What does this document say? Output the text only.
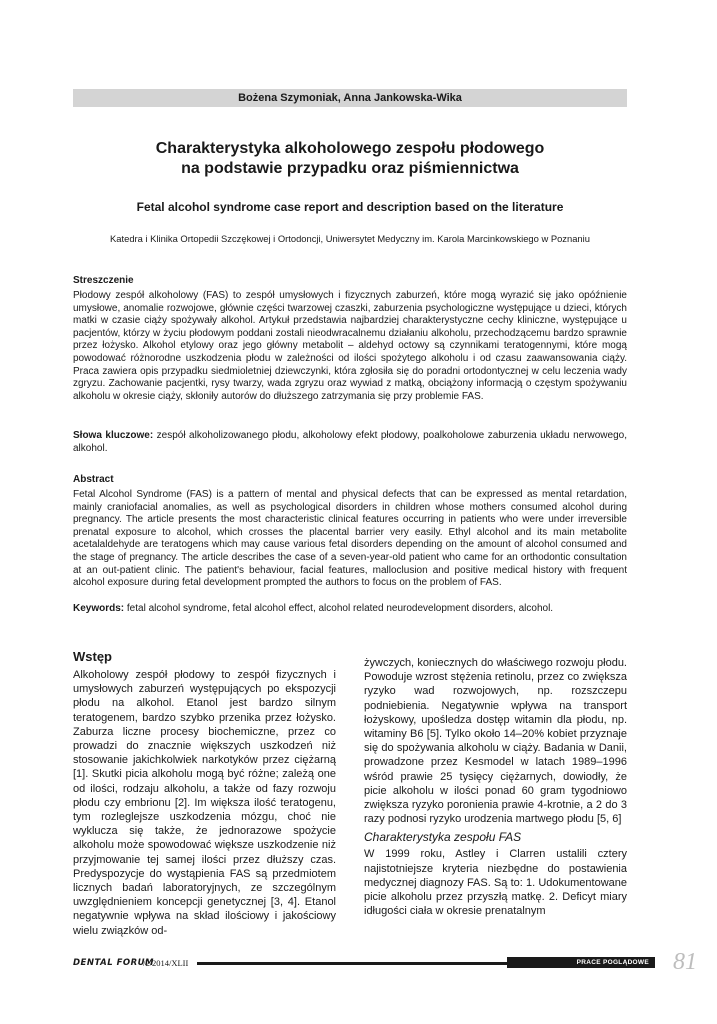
Bożena Szymoniak, Anna Jankowska-Wika
Charakterystyka alkoholowego zespołu płodowego
na podstawie przypadku oraz piśmiennictwa
Fetal alcohol syndrome case report and description based on the literature
Katedra i Klinika Ortopedii Szczękowej i Ortodoncji, Uniwersytet Medyczny im. Karola Marcinkowskiego w Poznaniu
Streszczenie

Płodowy zespół alkoholowy (FAS) to zespół umysłowych i fizycznych zaburzeń, które mogą wyrazić się jako opóźnienie umysłowe, anomalie rozwojowe, głównie części twarzowej czaszki, zaburzenia psychologiczne występujące u dzieci, których matki w czasie ciąży spożywały alkohol. Artykuł przedstawia najbardziej charakterystyczne cechy kliniczne, występujące u pacjentów, którzy w życiu płodowym poddani zostali nieodwracalnemu działaniu alkoholu, przechodzącemu bardzo sprawnie przez łożysko. Alkohol etylowy oraz jego główny metabolit – aldehyd octowy są czynnikami teratogennymi, które mogą powodować różnorodne uszkodzenia płodu w zależności od ilości spożytego alkoholu i od czasu zaawansowania ciąży. Praca zawiera opis przypadku siedmioletniej dziewczynki, która zgłosiła się do poradni ortodontycznej w celu leczenia wady zgryzu. Zachowanie pacjentki, rysy twarzy, wada zgryzu oraz wywiad z matką, obciążony informacją o częstym spożywaniu alkoholu w okresie ciąży, skłoniły autorów do dłuższego zatrzymania się przy problemie FAS.

Słowa kluczowe: zespół alkoholizowanego płodu, alkoholowy efekt płodowy, poalkoholowe zaburzenia układu nerwowego, alkohol.
Abstract

Fetal Alcohol Syndrome (FAS) is a pattern of mental and physical defects that can be expressed as mental retardation, mainly craniofacial anomalies, as well as psychological disorders in children whose mothers consumed alcohol during pregnancy. The article presents the most characteristic clinical features occurring in patients who were under irreversible prenatal exposure to alcohol, which crosses the placental barrier very easily. Ethyl alcohol and its main metabolite acetalaldehyde are teratogens which may cause various fetal disorders depending on the amount of alcohol consumed and the stage of pregnancy. The article describes the case of a seven-year-old patient who came for an orthodontic consultation at an out-patient clinic. The patient's behaviour, facial features, malloclusion and positive medical history with frequent alcohol exposure during fetal development prompted the authors to focus on the problem of FAS.

Keywords: fetal alcohol syndrome, fetal alcohol effect, alcohol related neurodevelopment disorders, alcohol.
Wstęp

Alkoholowy zespół płodowy to zespół fizycznych i umysłowych zaburzeń występujących po ekspozycji płodu na alkohol. Etanol jest bardzo silnym teratogenem, bardzo szybko przenika przez łożysko. Zaburza liczne procesy biochemiczne, przez co prowadzi do znacznie większych uszkodzeń niż stosowanie jakichkolwiek narkotyków przez ciężarną [1]. Skutki picia alkoholu mogą być różne; zależą one od ilości, rodzaju alkoholu, a także od fazy rozwoju płodu czy embrionu [2]. Im większa ilość teratogenu, tym rozleglejsze uszkodzenia mózgu, choć nie wyklucza się także, że jednorazowe spożycie alkoholu może spowodować większe uszkodzenie niż przyjmowanie tej samej ilości przez dłuższy czas. Predyspozycje do wystąpienia FAS są przedmiotem licznych badań laboratoryjnych, ze szczególnym uwzględnieniem koncepcji genetycznej [3, 4]. Etanol negatywnie wpływa na skład ilościowy i jakościowy wielu związków od-

żywczych, koniecznych do właściwego rozwoju płodu. Powoduje wzrost stężenia retinolu, przez co zwiększa ryzyko wad rozwojowych, np. rozszczepu podniebienia. Negatywnie wpływa na transport łożyskowy, upośledza dostęp witamin dla płodu, np. witaminy B6 [5]. Tylko około 14–20% kobiet przyznaje się do spożywania alkoholu w ciąży. Badania w Danii, prowadzone przez Kesmodel w latach 1989–1996 wśród prawie 25 tysięcy ciężarnych, dowiodły, że picie alkoholu w ilości ponad 60 gram tygodniowo zwiększa ryzyko poronienia prawie 4-krotnie, a 2 do 3 razy podnosi ryzyko urodzenia martwego płodu [5, 6]

Charakterystyka zespołu FAS

W 1999 roku, Astley i Clarren ustalili cztery najistotniejsze kryteria niezbędne do postawienia medycznej diagnozy FAS. Są to: 1. Udokumentowane picie alkoholu przez przyszłą matkę. 2. Deficyt miary idługości ciała w okresie prenatalnym

DENTAL FORUM
/2/2014/XLII	PRACE POGLĄDOWE 81
